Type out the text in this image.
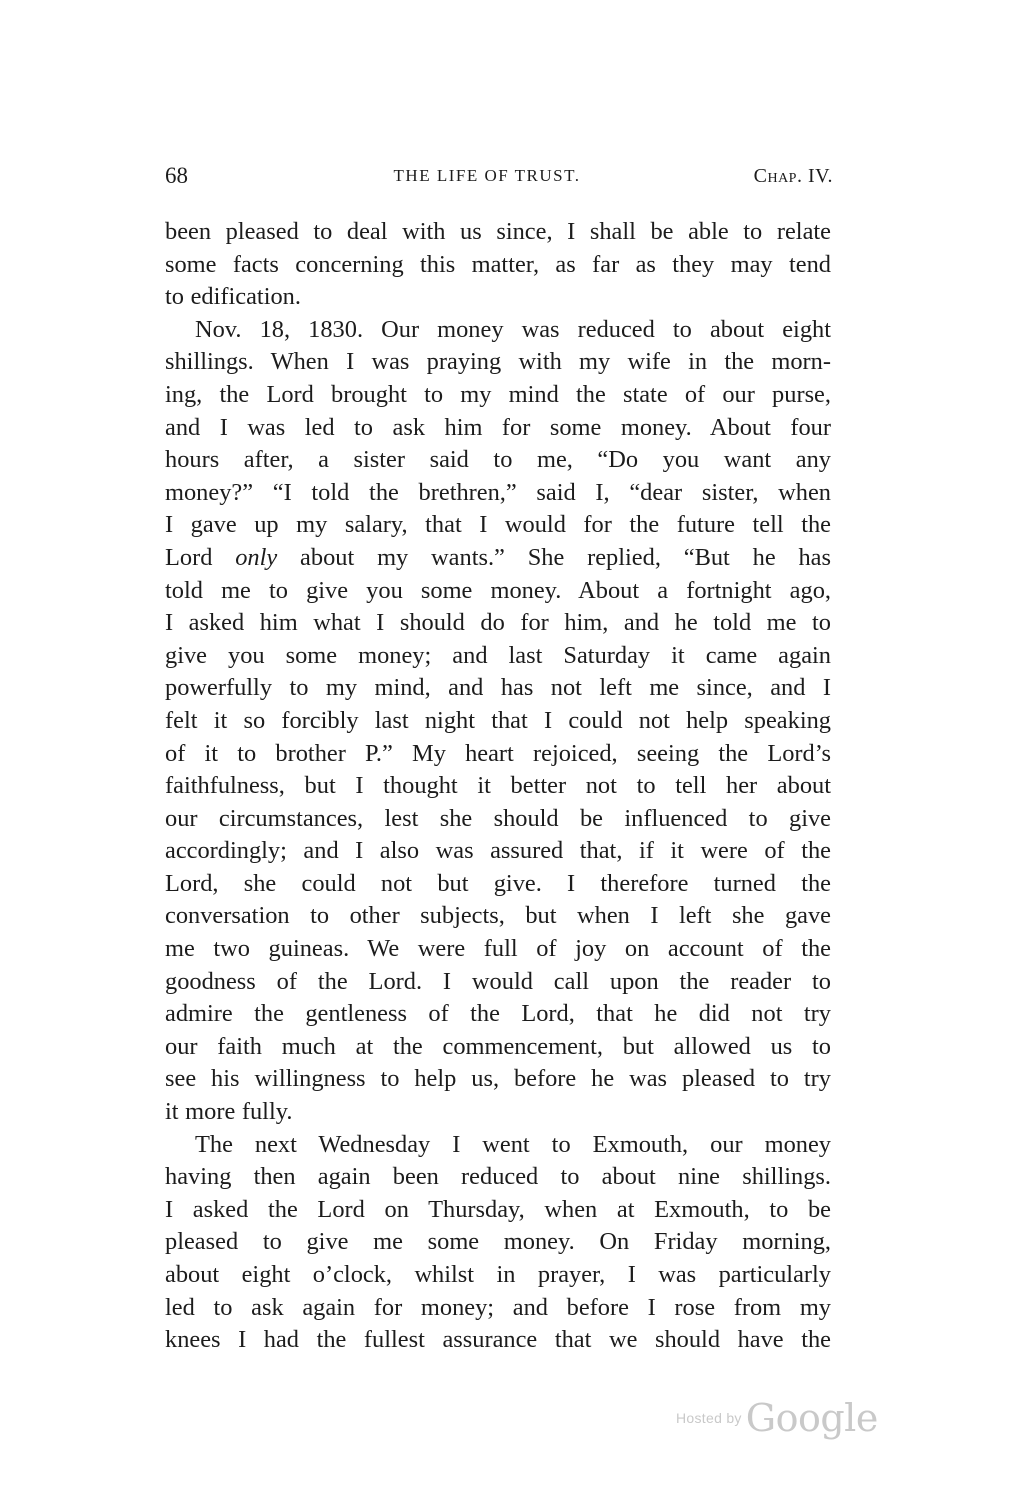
68	THE LIFE OF TRUST.	Chap. IV.

been pleased to deal with us since, I shall be able to relate
some facts concerning this matter, as far as they may tend
to edification.

Nov. 18, 1830. Our money was reduced to about eight
shillings. When I was praying with my wife in the morn-
ing, the Lord brought to my mind the state of our purse,
and I was led to ask him for some money. About four
hours after, a sister said to me, “Do you want any
money?” “I told the brethren,” said I, “dear sister, when
I gave up my salary, that I would for the future tell the
Lord only about my wants.” She replied, “But he has
told me to give you some money. About a fortnight ago,
I asked him what I should do for him, and he told me to
give you some money; and last Saturday it came again
powerfully to my mind, and has not left me since, and I
felt it so forcibly last night that I could not help speaking
of it to brother P.” My heart rejoiced, seeing the Lord’s
faithfulness, but I thought it better not to tell her about
our circumstances, lest she should be influenced to give
accordingly; and I also was assured that, if it were of the
Lord, she could not but give. I therefore turned the
conversation to other subjects, but when I left she gave
me two guineas. We were full of joy on account of the
goodness of the Lord. I would call upon the reader to
admire the gentleness of the Lord, that he did not try
our faith much at the commencement, but allowed us to
see his willingness to help us, before he was pleased to try
it more fully.

The next Wednesday I went to Exmouth, our money
having then again been reduced to about nine shillings.
I asked the Lord on Thursday, when at Exmouth, to be
pleased to give me some money. On Friday morning,
about eight o’clock, whilst in prayer, I was particularly
led to ask again for money; and before I rose from my
knees I had the fullest assurance that we should have the

Hosted by Google
